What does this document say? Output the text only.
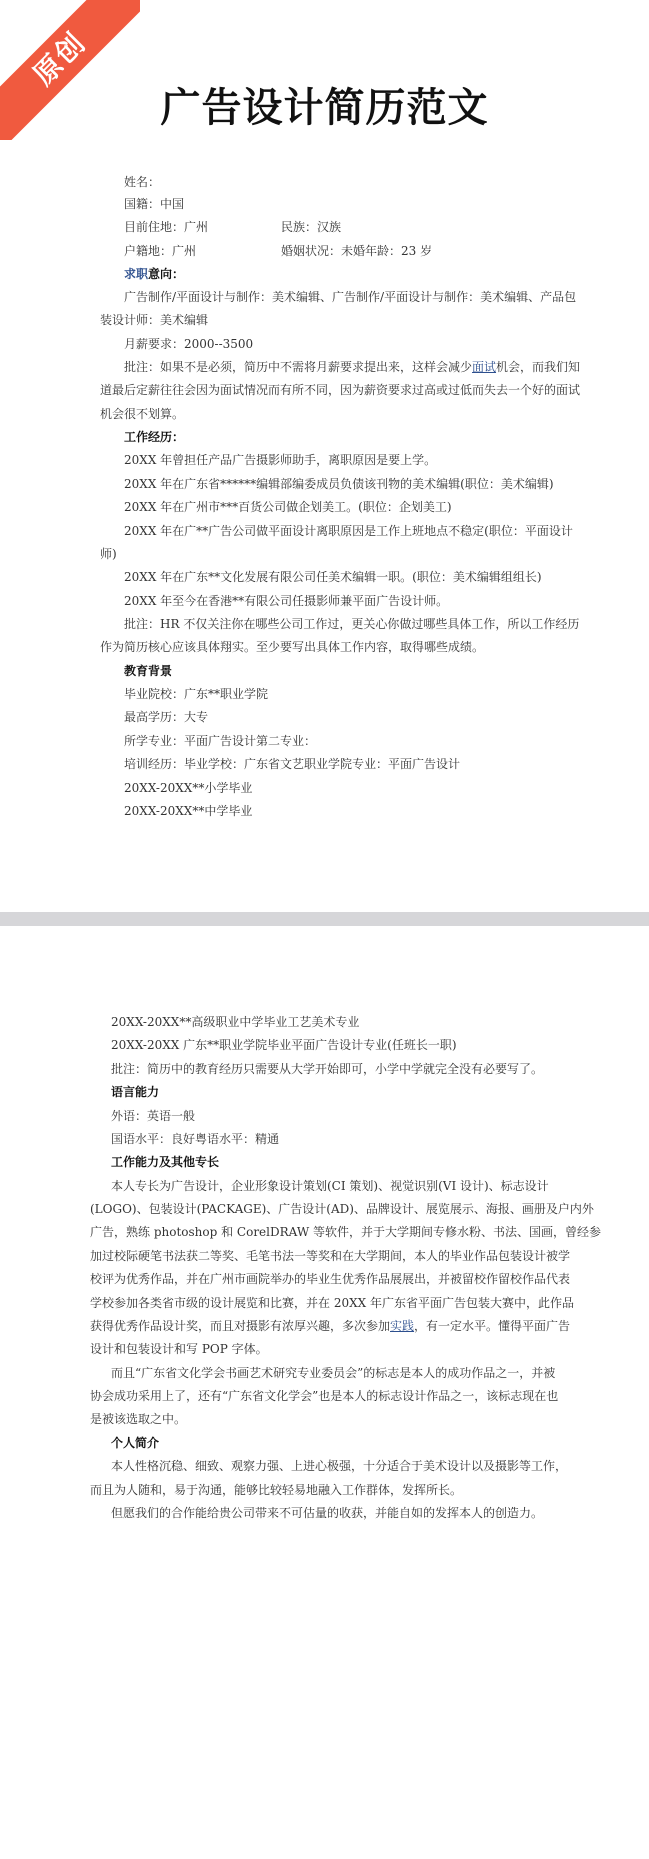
原创
广告设计简历范文
姓名：
国籍：中国
目前住地：广州	民族：汉族
户籍地：广州	婚姻状况：未婚年龄：23 岁
求职意向：
广告制作/平面设计与制作：美术编辑、广告制作/平面设计与制作：美术编辑、产品包
装设计师：美术编辑
月薪要求：2000--3500
批注：如果不是必须，简历中不需将月薪要求提出来，这样会减少面试机会，而我们知
道最后定薪往往会因为面试情况而有所不同，因为薪资要求过高或过低而失去一个好的面试
机会很不划算。
工作经历：
20XX 年曾担任产品广告摄影师助手，离职原因是要上学。
20XX 年在广东省******编辑部编委成员负债该刊物的美术编辑(职位：美术编辑)
20XX 年在广州市***百货公司做企划美工。(职位：企划美工)
20XX 年在广**广告公司做平面设计离职原因是工作上班地点不稳定(职位：平面设计
师)
20XX 年在广东**文化发展有限公司任美术编辑一职。(职位：美术编辑组组长)
20XX 年至今在香港**有限公司任摄影师兼平面广告设计师。
批注：HR 不仅关注你在哪些公司工作过，更关心你做过哪些具体工作，所以工作经历
作为简历核心应该具体翔实。至少要写出具体工作内容，取得哪些成绩。
教育背景
毕业院校：广东**职业学院
最高学历：大专
所学专业：平面广告设计第二专业：
培训经历：毕业学校：广东省文艺职业学院专业：平面广告设计
20XX-20XX**小学毕业
20XX-20XX**中学毕业
20XX-20XX**高级职业中学毕业工艺美术专业
20XX-20XX 广东**职业学院毕业平面广告设计专业(任班长一职)
批注：简历中的教育经历只需要从大学开始即可，小学中学就完全没有必要写了。
语言能力
外语：英语一般
国语水平：良好粤语水平：精通
工作能力及其他专长
本人专长为广告设计，企业形象设计策划(CI 策划)、视觉识别(VI 设计)、标志设计
(LOGO)、包装设计(PACKAGE)、广告设计(AD)、品牌设计、展览展示、海报、画册及户内外
广告，熟练 photoshop 和 CorelDRAW 等软件，并于大学期间专修水粉、书法、国画，曾经参
加过校际硬笔书法获二等奖、毛笔书法一等奖和在大学期间，本人的毕业作品包装设计被学
校评为优秀作品，并在广州市画院举办的毕业生优秀作品展展出，并被留校作留校作品代表
学校参加各类省市级的设计展览和比赛，并在 20XX 年广东省平面广告包装大赛中，此作品
获得优秀作品设计奖，而且对摄影有浓厚兴趣，多次参加实践，有一定水平。懂得平面广告
设计和包装设计和写 POP 字体。
而且“广东省文化学会书画艺术研究专业委员会”的标志是本人的成功作品之一，并被
协会成功采用上了，还有“广东省文化学会”也是本人的标志设计作品之一，该标志现在也
是被该选取之中。
个人简介
本人性格沉稳、细致、观察力强、上进心极强，十分适合于美术设计以及摄影等工作，
而且为人随和，易于沟通，能够比较轻易地融入工作群体，发挥所长。
但愿我们的合作能给贵公司带来不可估量的收获，并能自如的发挥本人的创造力。
